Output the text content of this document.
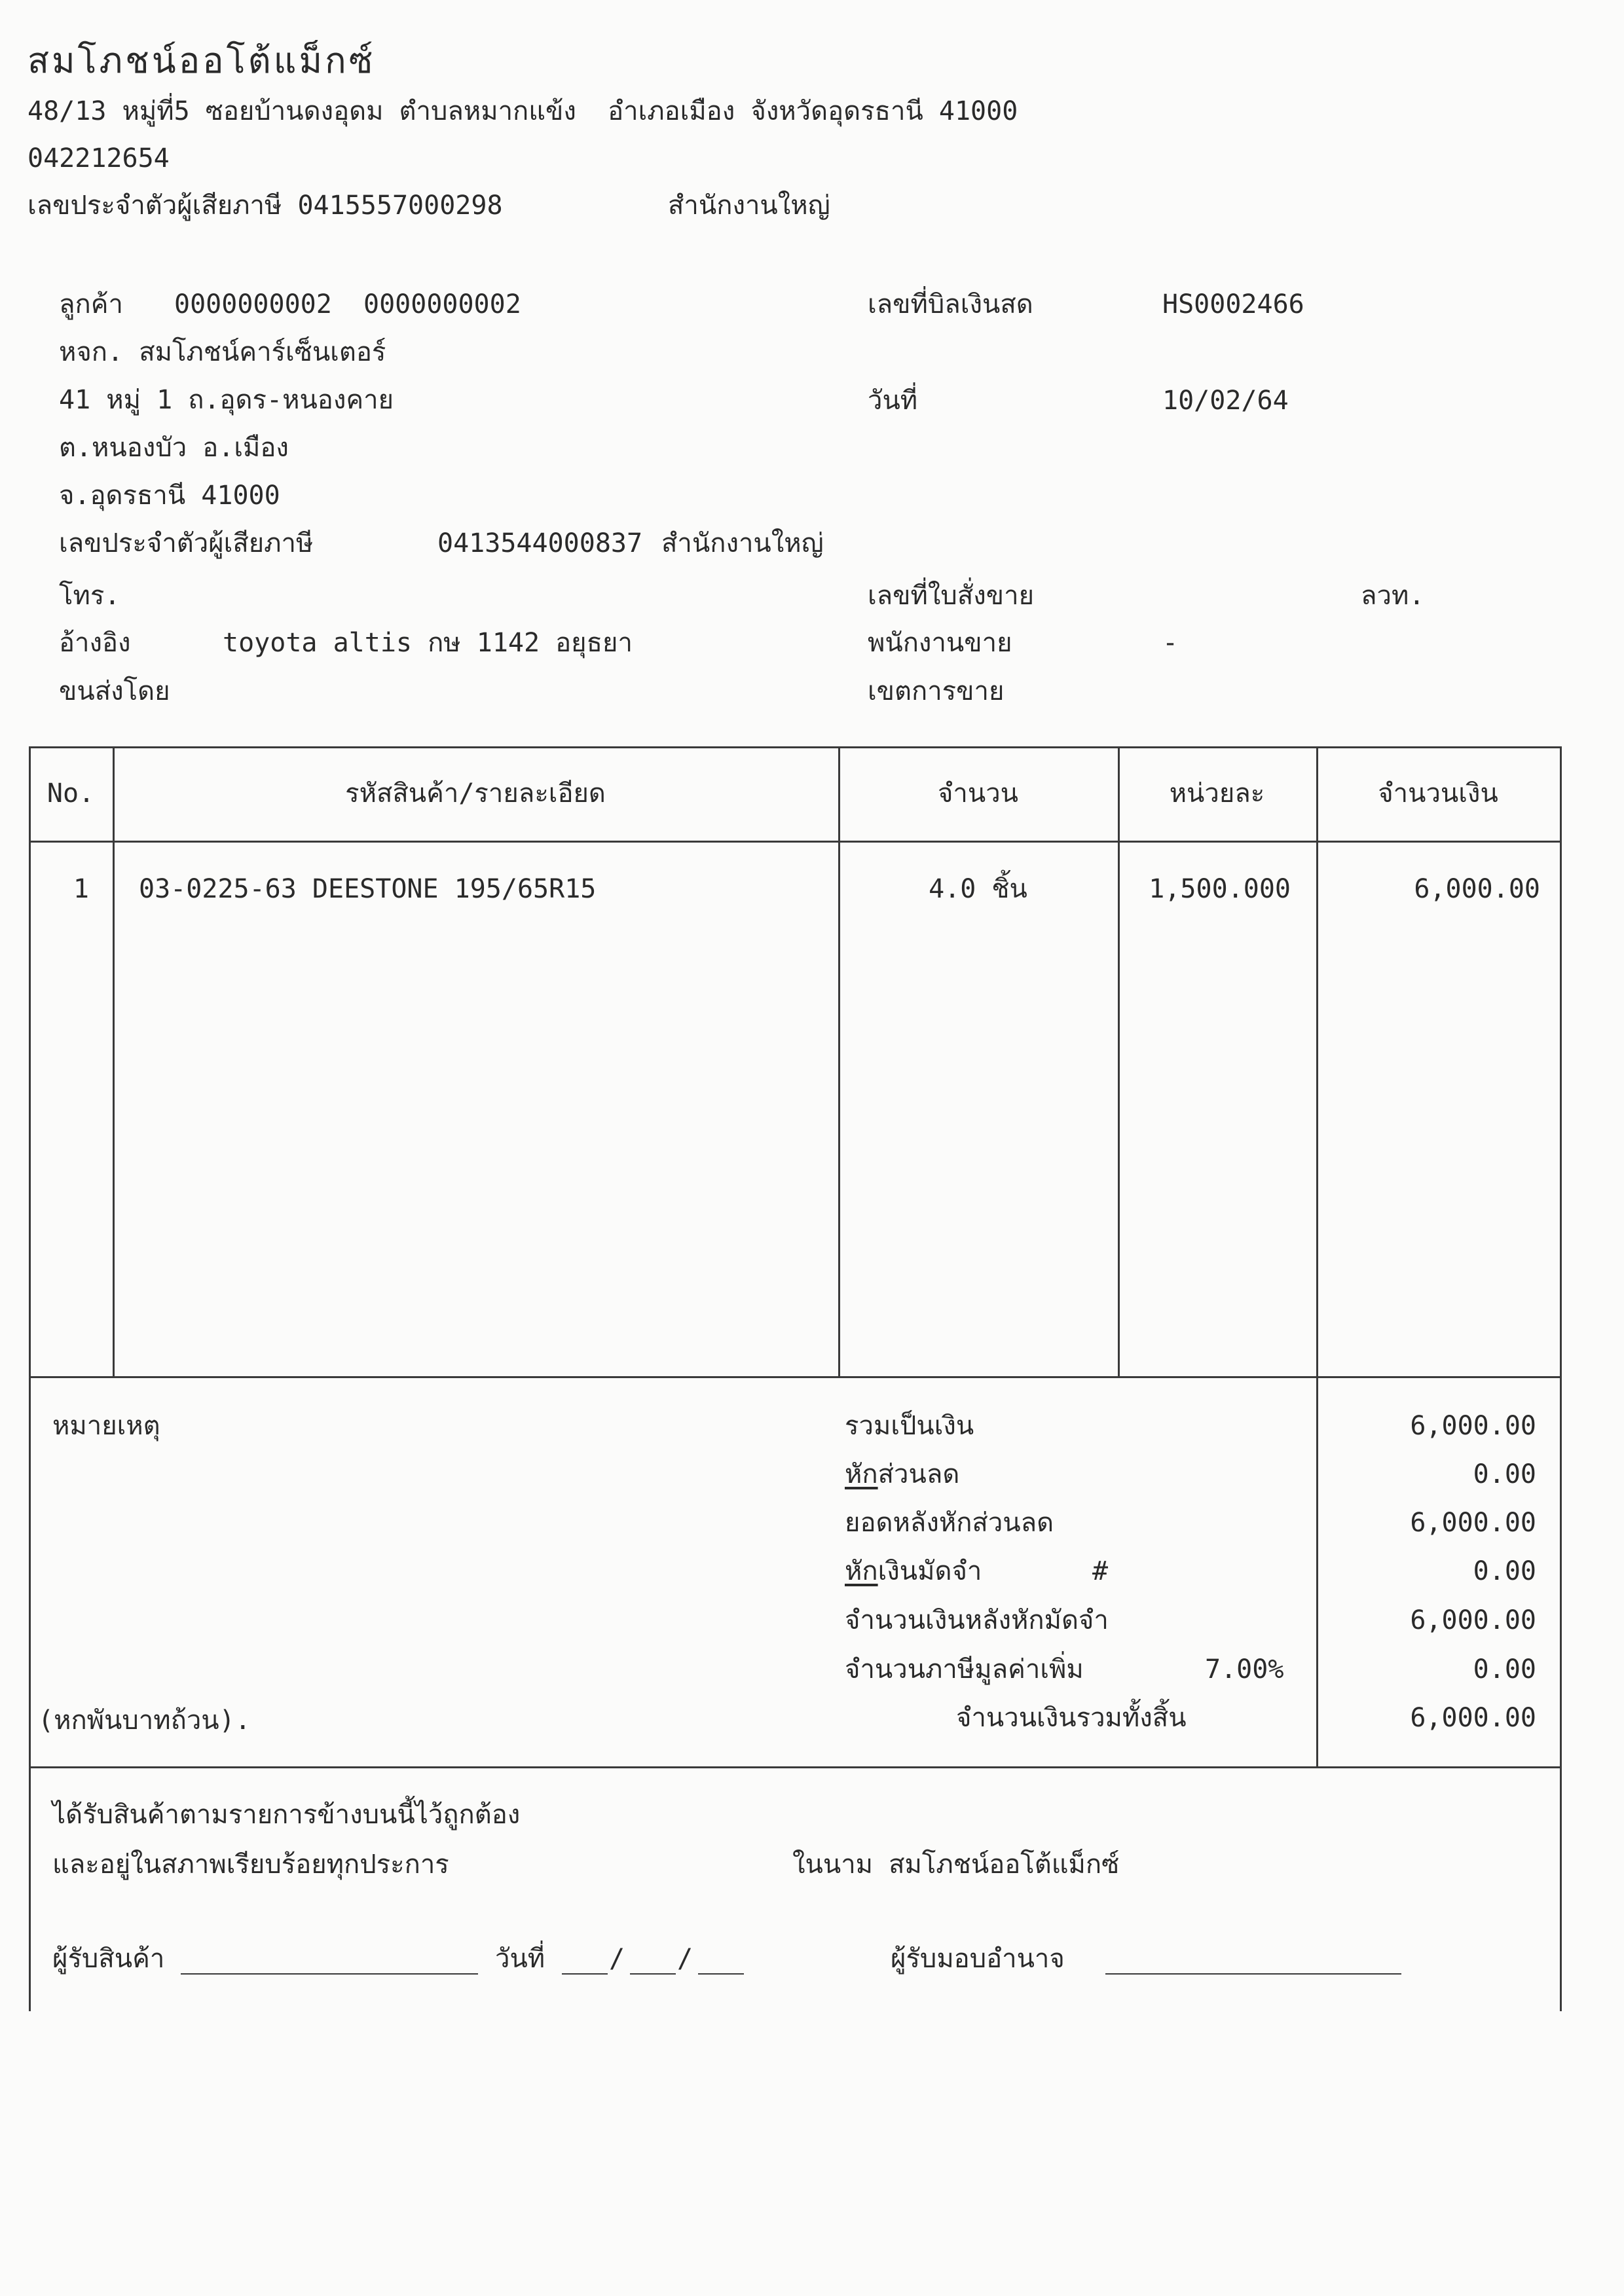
สมโภชน์ออโต้แม็กซ์
48/13 หมู่ที่5 ซอยบ้านดงอุดม ตำบลหมากแข้ง  อำเภอเมือง จังหวัดอุดรธานี 41000
042212654
เลขประจำตัวผู้เสียภาษี 0415557000298	สำนักงานใหญ่
ลูกค้า 0000000002  0000000002
หจก. สมโภชน์คาร์เซ็นเตอร์
41 หมู่ 1 ถ.อุดร-หนองคาย
ต.หนองบัว อ.เมือง
จ.อุดรธานี 41000
เลขประจำตัวผู้เสียภาษี	0413544000837 สำนักงานใหญ่
โทร.
อ้างอิง	toyota altis กษ 1142 อยุธยา
ขนส่งโดย
เลขที่บิลเงินสด	HS0002466
วันที่	10/02/64
เลขที่ใบสั่งขาย	ลวท.
พนักงานขาย	-
เขตการขาย
No.	รหัสสินค้า/รายละเอียด	จำนวน	หน่วยละ	จำนวนเงิน
1 03-0225-63 DEESTONE 195/65R15	4.0 ชิ้น	1,500.000	6,000.00
หมายเหตุ
(หกพันบาทถ้วน).
รวมเป็นเงิน	6,000.00
หักส่วนลด	0.00
ยอดหลังหักส่วนลด	6,000.00
หักเงินมัดจำ	#	0.00
จำนวนเงินหลังหักมัดจำ	6,000.00
จำนวนภาษีมูลค่าเพิ่ม	7.00%	0.00
จำนวนเงินรวมทั้งสิ้น	6,000.00
ได้รับสินค้าตามรายการข้างบนนี้ไว้ถูกต้อง
และอยู่ในสภาพเรียบร้อยทุกประการ	ในนาม สมโภชน์ออโต้แม็กซ์
ผู้รับสินค้า	วันที่ / /	ผู้รับมอบอำนาจ
